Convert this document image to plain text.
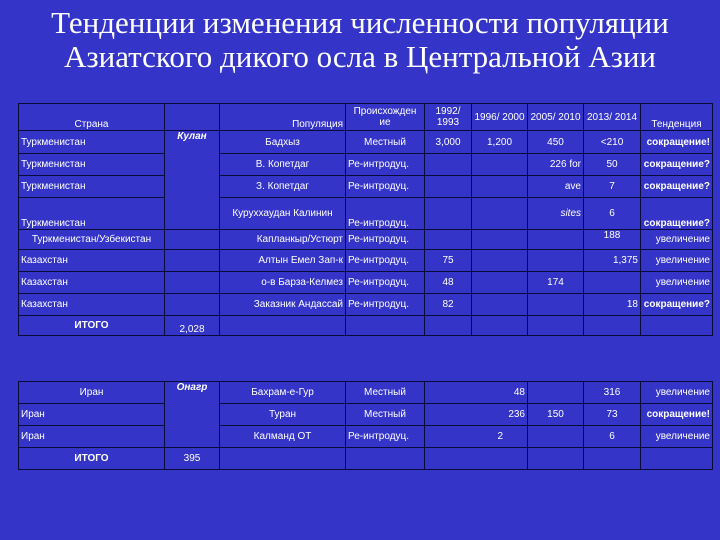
Тенденции изменения численности популяции
Азиатского дикого осла в Центральной Азии
Страна		Популяция	Происхожден ие	1992/ 1993	1996/ 2000	2005/ 2010	2013/ 2014	Тенденция
Туркменистан	Кулан	Бадхыз	Местный	3,000	1,200	450	<210	сокращение!
Туркменистан		В. Копетдаг	Ре-интродуц.			226 for	50	сокращение?
Туркменистан		З. Копетдаг	Ре-интродуц.			ave	7	сокращение?
Туркменистан		Куруххаудан Калинин	Ре-интродуц.			sites	6	сокращение?
Туркменистан/Узбекистан		Капланкыр/Устюрт	Ре-интродуц.				188	увеличение
Казахстан		Алтын Емел Зап-к	Ре-интродуц.	75			1,375	увеличение
Казахстан		о-в Барза-Келмез	Ре-интродуц.	48		174		увеличение
Казахстан		Заказник Андассай	Ре-интродуц.	82			18	сокращение?
ИТОГО	2,028							
Иран	Онагр	Бахрам-е-Гур	Местный	48		316	увеличение
Иран		Туран	Местный	236	150	73	сокращение!
Иран		Калманд ОТ	Ре-интродуц.	2		6	увеличение
ИТОГО	395						
